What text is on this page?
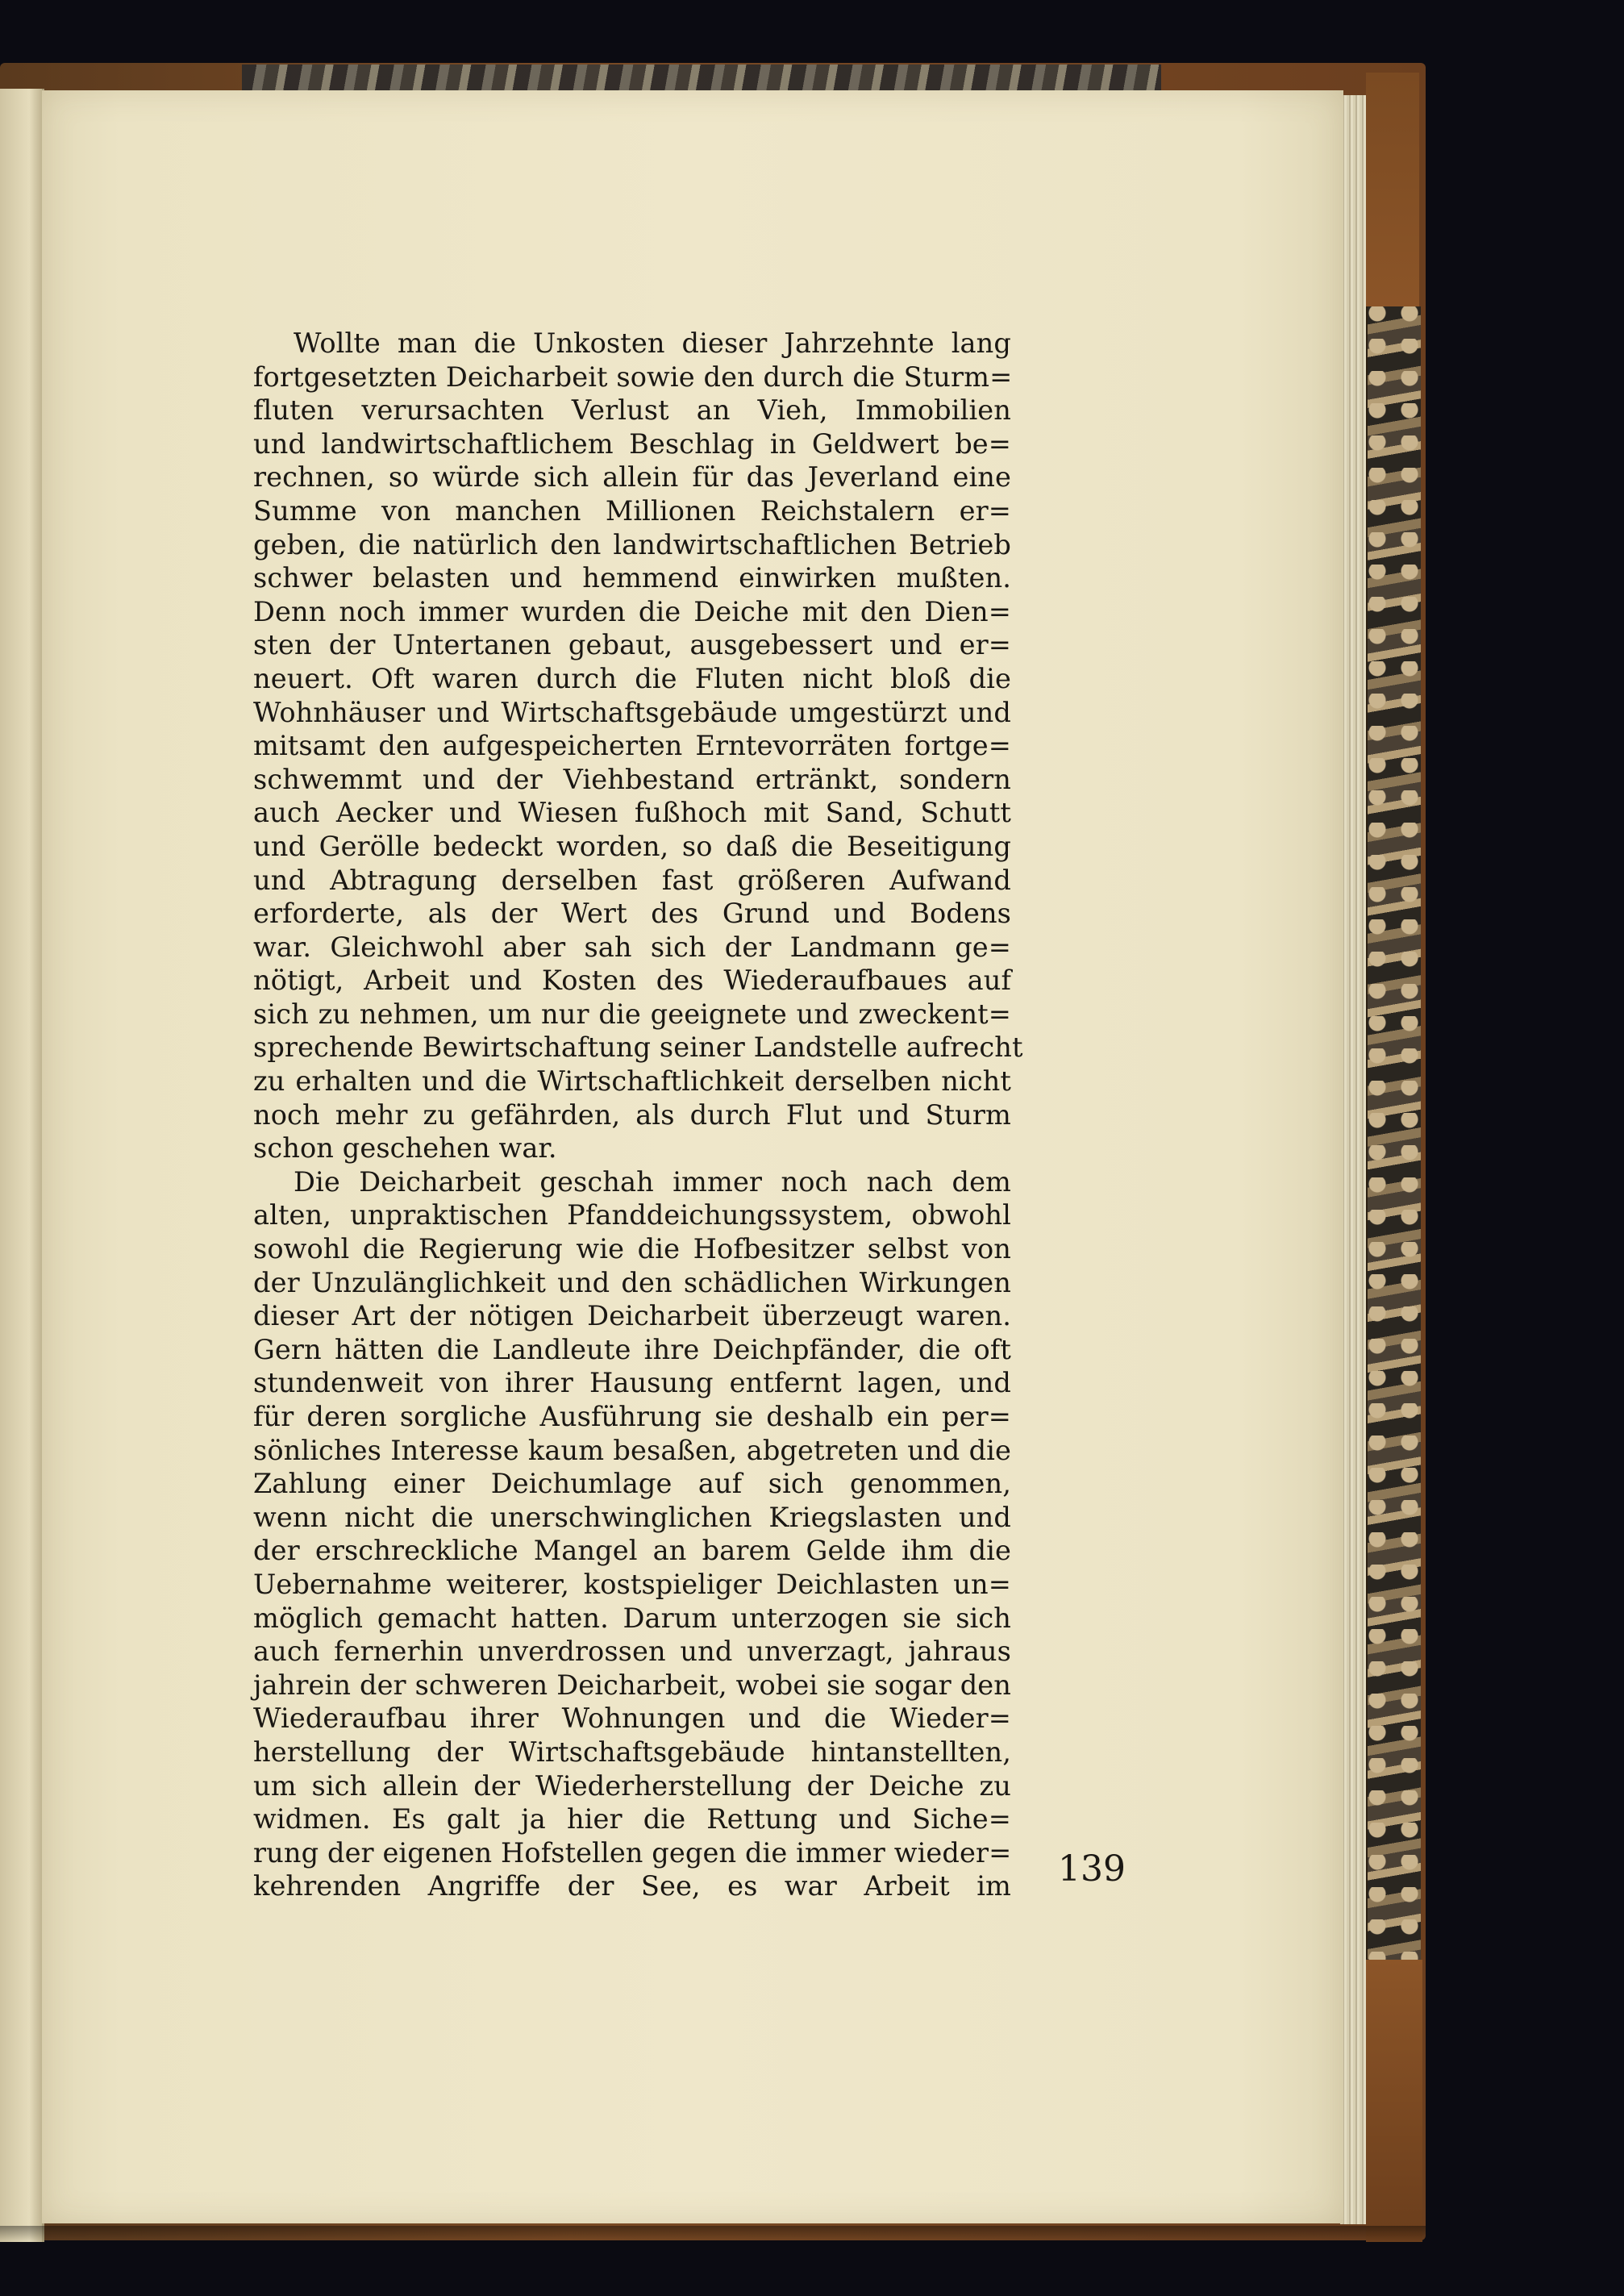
Wollte man die Unkosten dieser Jahrzehnte lang
fortgesetzten Deicharbeit sowie den durch die Sturm=
fluten verursachten Verlust an Vieh, Immobilien
und landwirtschaftlichem Beschlag in Geldwert be=
rechnen, so würde sich allein für das Jeverland eine
Summe von manchen Millionen Reichstalern er=
geben, die natürlich den landwirtschaftlichen Betrieb
schwer belasten und hemmend einwirken mußten.
Denn noch immer wurden die Deiche mit den Dien=
sten der Untertanen gebaut, ausgebessert und er=
neuert. Oft waren durch die Fluten nicht bloß die
Wohnhäuser und Wirtschaftsgebäude umgestürzt und
mitsamt den aufgespeicherten Erntevorräten fortge=
schwemmt und der Viehbestand ertränkt, sondern
auch Aecker und Wiesen fußhoch mit Sand, Schutt
und Gerölle bedeckt worden, so daß die Beseitigung
und Abtragung derselben fast größeren Aufwand
erforderte, als der Wert des Grund und Bodens
war. Gleichwohl aber sah sich der Landmann ge=
nötigt, Arbeit und Kosten des Wiederaufbaues auf
sich zu nehmen, um nur die geeignete und zweckent=
sprechende Bewirtschaftung seiner Landstelle aufrecht
zu erhalten und die Wirtschaftlichkeit derselben nicht
noch mehr zu gefährden, als durch Flut und Sturm
schon geschehen war.
Die Deicharbeit geschah immer noch nach dem
alten, unpraktischen Pfanddeichungssystem, obwohl
sowohl die Regierung wie die Hofbesitzer selbst von
der Unzulänglichkeit und den schädlichen Wirkungen
dieser Art der nötigen Deicharbeit überzeugt waren.
Gern hätten die Landleute ihre Deichpfänder, die oft
stundenweit von ihrer Hausung entfernt lagen, und
für deren sorgliche Ausführung sie deshalb ein per=
sönliches Interesse kaum besaßen, abgetreten und die
Zahlung einer Deichumlage auf sich genommen,
wenn nicht die unerschwinglichen Kriegslasten und
der erschreckliche Mangel an barem Gelde ihm die
Uebernahme weiterer, kostspieliger Deichlasten un=
möglich gemacht hatten. Darum unterzogen sie sich
auch fernerhin unverdrossen und unverzagt, jahraus
jahrein der schweren Deicharbeit, wobei sie sogar den
Wiederaufbau ihrer Wohnungen und die Wieder=
herstellung der Wirtschaftsgebäude hintanstellten,
um sich allein der Wiederherstellung der Deiche zu
widmen. Es galt ja hier die Rettung und Siche=
rung der eigenen Hofstellen gegen die immer wieder=
kehrenden Angriffe der See, es war Arbeit im 139
